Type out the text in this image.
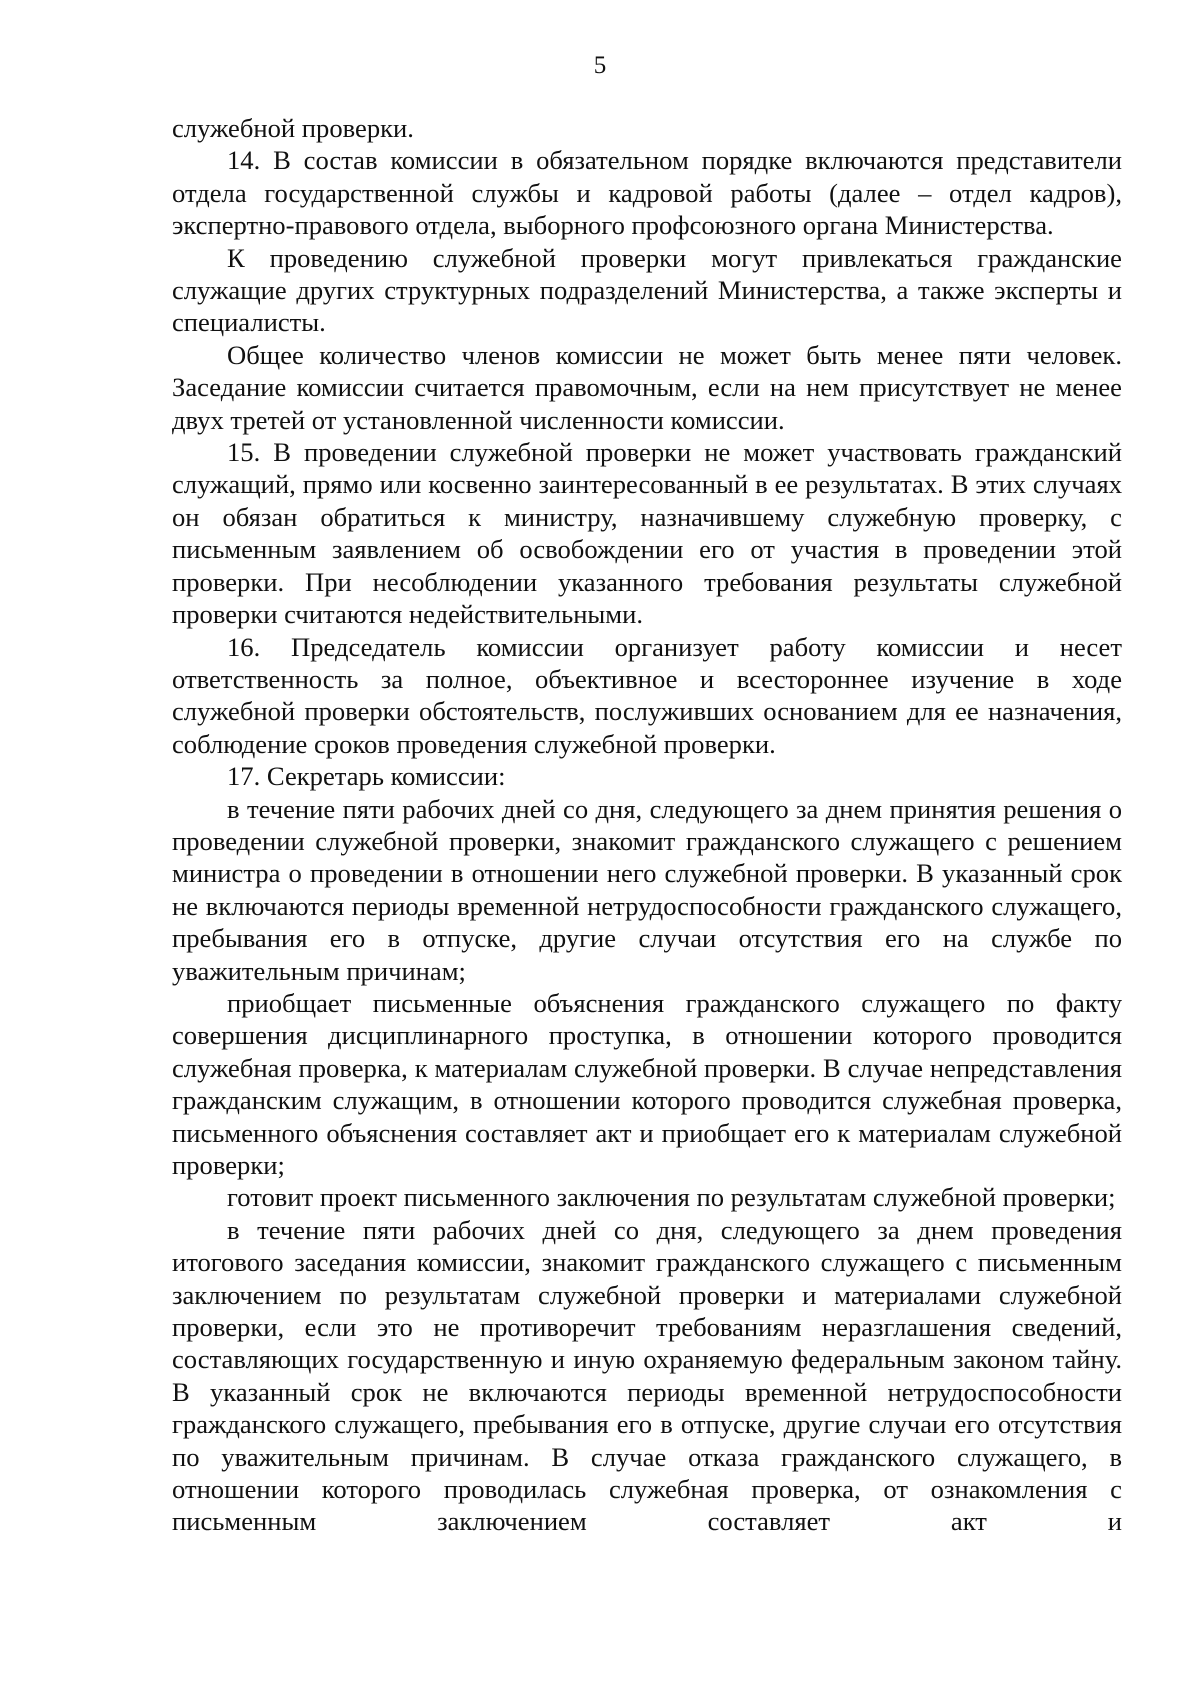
5

служебной проверки.

14. В состав комиссии в обязательном порядке включаются представители отдела государственной службы и кадровой работы (далее – отдел кадров), экспертно-правового отдела, выборного профсоюзного органа Министерства.

К проведению служебной проверки могут привлекаться гражданские служащие других структурных подразделений Министерства, а также эксперты и специалисты.

Общее количество членов комиссии не может быть менее пяти человек. Заседание комиссии считается правомочным, если на нем присутствует не менее двух третей от установленной численности комиссии.

15. В проведении служебной проверки не может участвовать гражданский служащий, прямо или косвенно заинтересованный в ее результатах. В этих случаях он обязан обратиться к министру, назначившему служебную проверку, с письменным заявлением об освобождении его от участия в проведении этой проверки. При несоблюдении указанного требования результаты служебной проверки считаются недействительными.

16. Председатель комиссии организует работу комиссии и несет ответственность за полное, объективное и всестороннее изучение в ходе служебной проверки обстоятельств, послуживших основанием для ее назначения, соблюдение сроков проведения служебной проверки.

17. Секретарь комиссии:

в течение пяти рабочих дней со дня, следующего за днем принятия решения о проведении служебной проверки, знакомит гражданского служащего с решением министра о проведении в отношении него служебной проверки. В указанный срок не включаются периоды временной нетрудоспособности гражданского служащего, пребывания его в отпуске, другие случаи отсутствия его на службе по уважительным причинам;

приобщает письменные объяснения гражданского служащего по факту совершения дисциплинарного проступка, в отношении которого проводится служебная проверка, к материалам служебной проверки. В случае непредставления гражданским служащим, в отношении которого проводится служебная проверка, письменного объяснения составляет акт и приобщает его к материалам служебной проверки;

готовит проект письменного заключения по результатам служебной проверки;

в течение пяти рабочих дней со дня, следующего за днем проведения итогового заседания комиссии, знакомит гражданского служащего с письменным заключением по результатам служебной проверки и материалами служебной проверки, если это не противоречит требованиям неразглашения сведений, составляющих государственную и иную охраняемую федеральным законом тайну. В указанный срок не включаются периоды временной нетрудоспособности гражданского служащего, пребывания его в отпуске, другие случаи его отсутствия по уважительным причинам. В случае отказа гражданского служащего, в отношении которого проводилась служебная проверка, от ознакомления с письменным заключением составляет акт и
